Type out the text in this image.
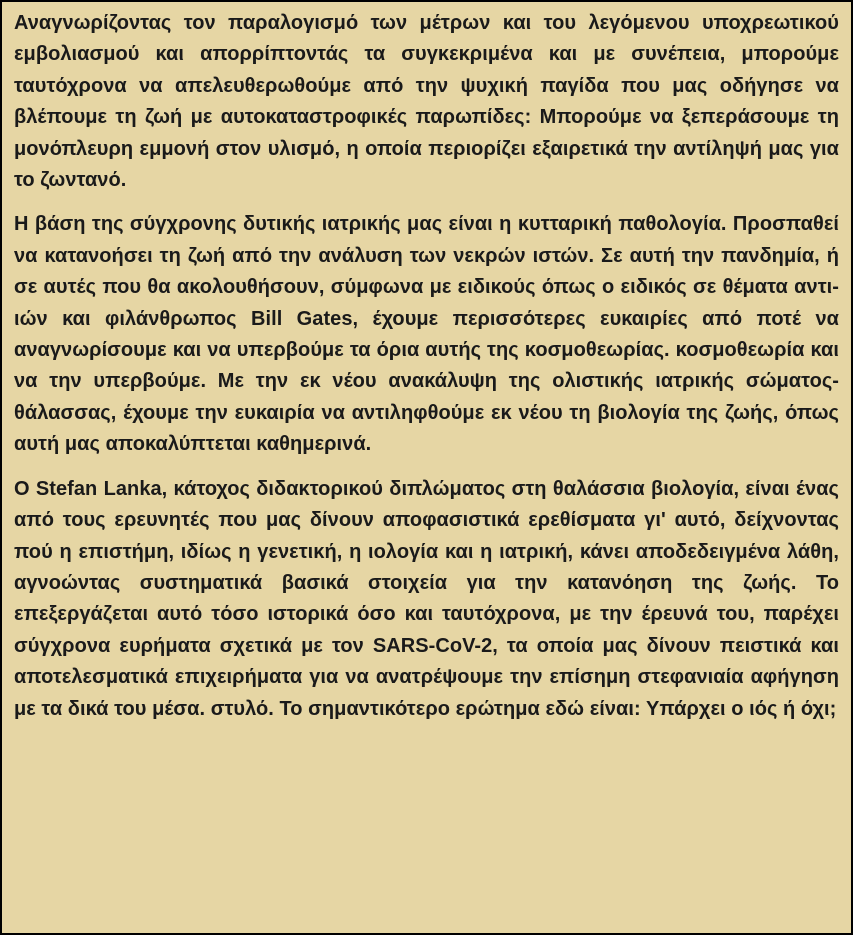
Αναγνωρίζοντας τον παραλογισμό των μέτρων και του λεγόμενου υποχρεωτικού εμβολιασμού και απορρίπτοντάς τα συγκεκριμένα και με συνέπεια, μπορούμε ταυτόχρονα να απελευθερωθούμε από την ψυχική παγίδα που μας οδήγησε να βλέπουμε τη ζωή με αυτοκαταστροφικές παρωπίδες: Μπορούμε να ξεπεράσουμε τη μονόπλευρη εμμονή στον υλισμό, η οποία περιορίζει εξαιρετικά την αντίληψή μας για το ζωντανό.

Η βάση της σύγχρονης δυτικής ιατρικής μας είναι η κυτταρική παθολογία. Προσπαθεί να κατανοήσει τη ζωή από την ανάλυση των νεκρών ιστών. Σε αυτή την πανδημία, ή σε αυτές που θα ακολουθήσουν, σύμφωνα με ειδικούς όπως ο ειδικός σε θέματα αντι-ιών και φιλάνθρωπος Bill Gates, έχουμε περισσότερες ευκαιρίες από ποτέ να αναγνωρίσουμε και να υπερβούμε τα όρια αυτής της κοσμοθεωρίας. κοσμοθεωρία και να την υπερβούμε. Με την εκ νέου ανακάλυψη της ολιστικής ιατρικής σώματος-θάλασσας, έχουμε την ευκαιρία να αντιληφθούμε εκ νέου τη βιολογία της ζωής, όπως αυτή μας αποκαλύπτεται καθημερινά.

Ο Stefan Lanka, κάτοχος διδακτορικού διπλώματος στη θαλάσσια βιολογία, είναι ένας από τους ερευνητές που μας δίνουν αποφασιστικά ερεθίσματα γι' αυτό, δείχνοντας πού η επιστήμη, ιδίως η γενετική, η ιολογία και η ιατρική, κάνει αποδεδειγμένα λάθη, αγνοώντας συστηματικά βασικά στοιχεία για την κατανόηση της ζωής. Το επεξεργάζεται αυτό τόσο ιστορικά όσο και ταυτόχρονα, με την έρευνά του, παρέχει σύγχρονα ευρήματα σχετικά με τον SARS-CoV-2, τα οποία μας δίνουν πειστικά και αποτελεσματικά επιχειρήματα για να ανατρέψουμε την επίσημη στεφανιαία αφήγηση με τα δικά του μέσα. στυλό. Το σημαντικότερο ερώτημα εδώ είναι: Υπάρχει ο ιός ή όχι;
